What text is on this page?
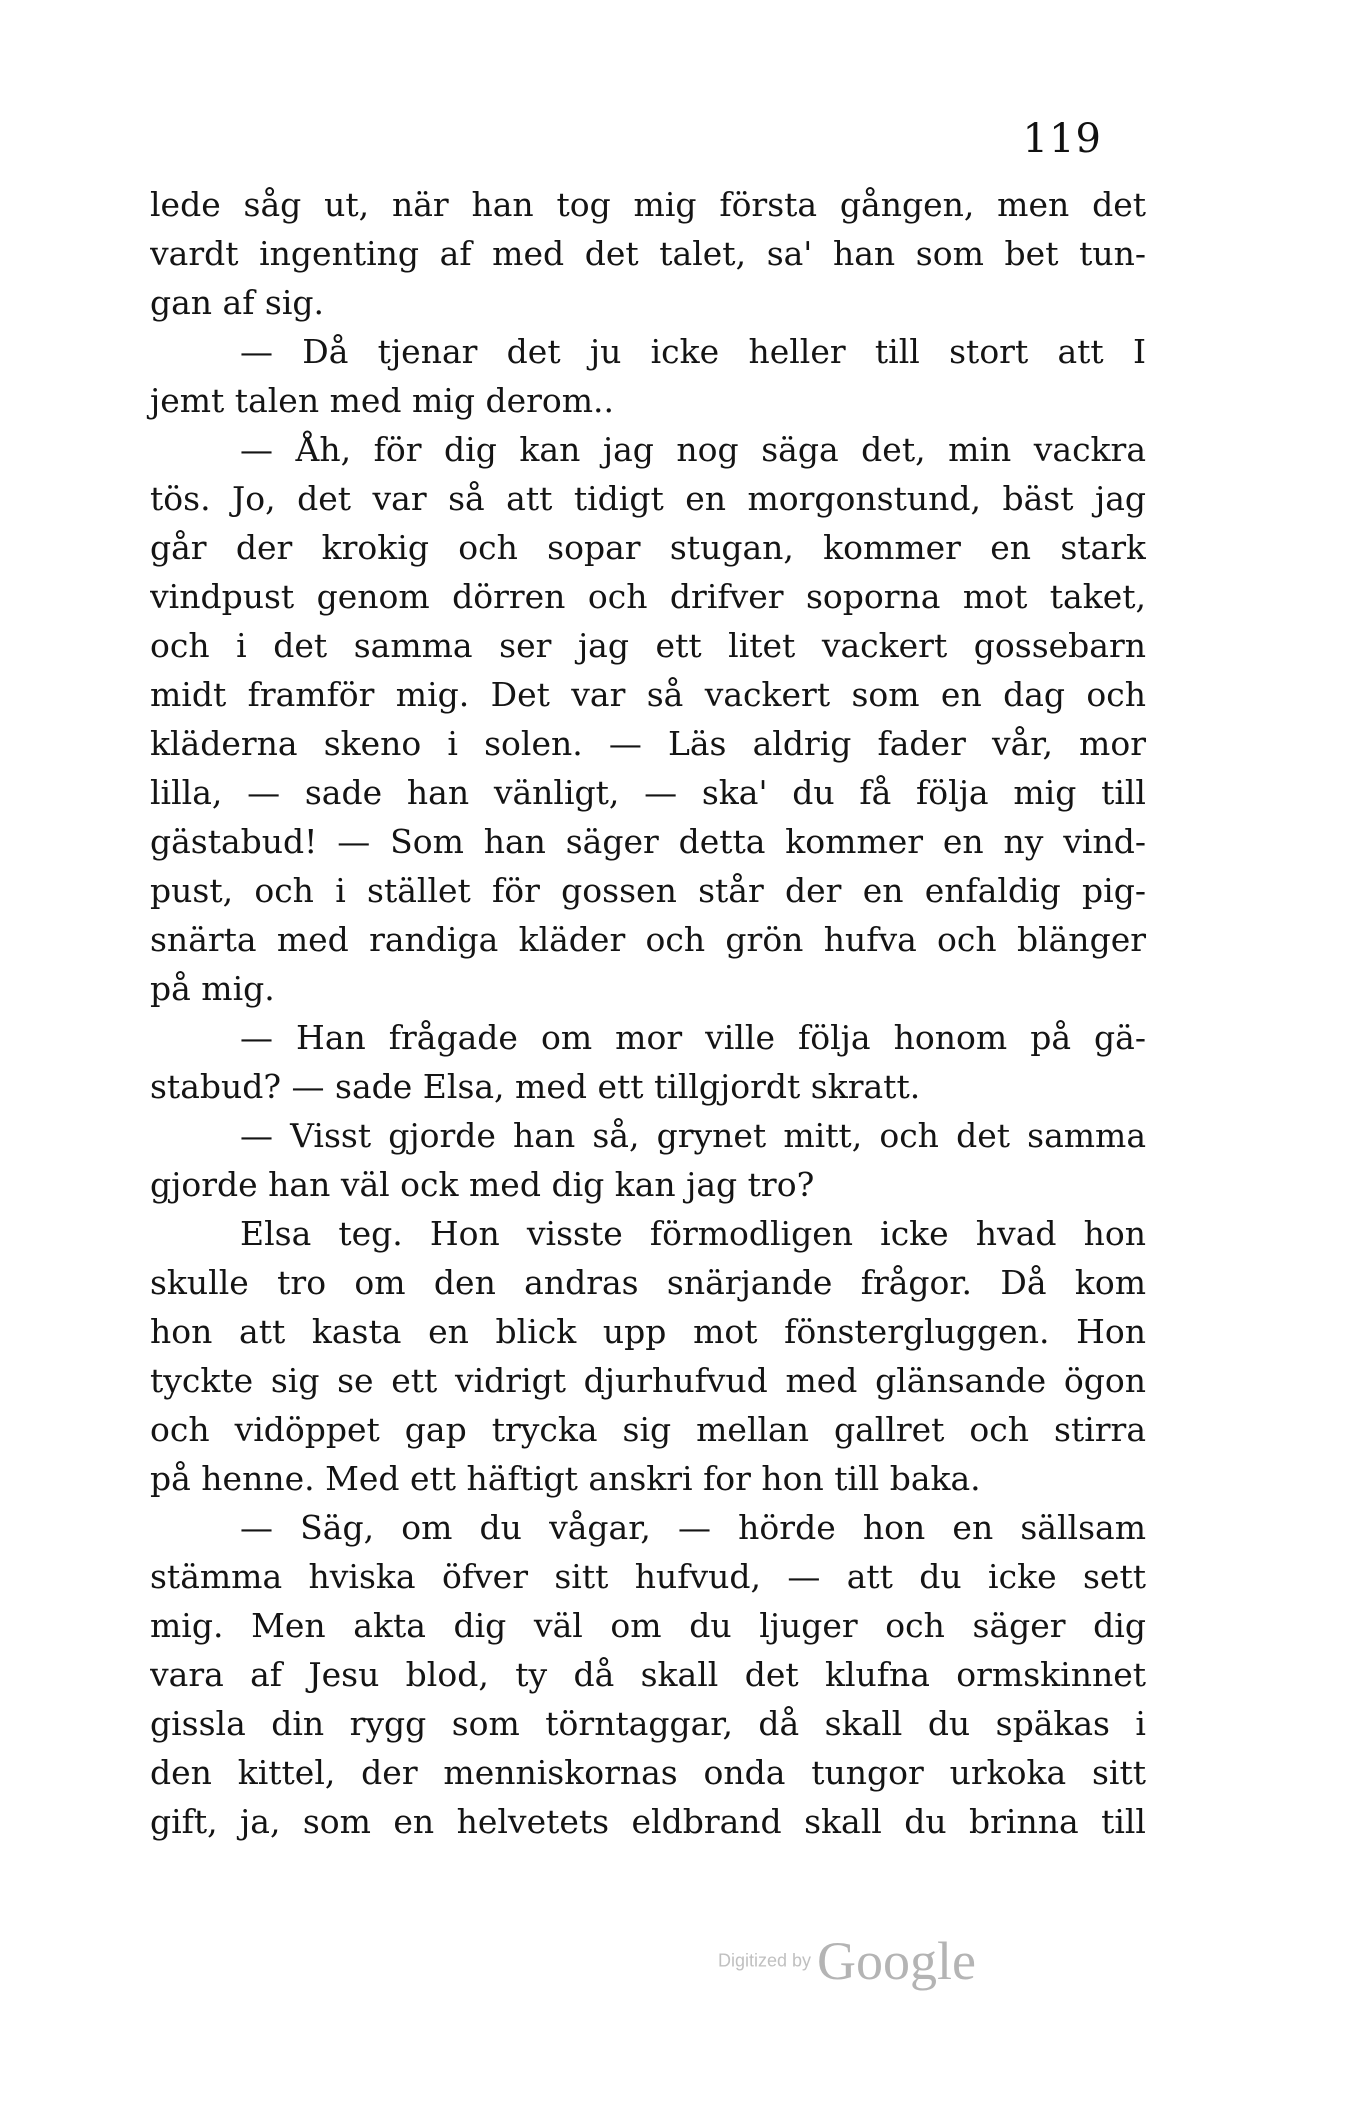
119
lede såg ut, när han tog mig första gången, men det
vardt ingenting af med det talet, sa' han som bet tun-
gan af sig.
— Då tjenar det ju icke heller till stort att I
jemt talen med mig derom..
— Åh, för dig kan jag nog säga det, min vackra
tös. Jo, det var så att tidigt en morgonstund, bäst jag
går der krokig och sopar stugan, kommer en stark
vindpust genom dörren och drifver soporna mot taket,
och i det samma ser jag ett litet vackert gossebarn
midt framför mig. Det var så vackert som en dag och
kläderna skeno i solen. — Läs aldrig fader vår, mor
lilla, — sade han vänligt, — ska' du få följa mig till
gästabud! — Som han säger detta kommer en ny vind-
pust, och i stället för gossen står der en enfaldig pig-
snärta med randiga kläder och grön hufva och blänger
på mig.
— Han frågade om mor ville följa honom på gä-
stabud? — sade Elsa, med ett tillgjordt skratt.
— Visst gjorde han så, grynet mitt, och det samma
gjorde han väl ock med dig kan jag tro?
Elsa teg. Hon visste förmodligen icke hvad hon
skulle tro om den andras snärjande frågor. Då kom
hon att kasta en blick upp mot fönstergluggen. Hon
tyckte sig se ett vidrigt djurhufvud med glänsande ögon
och vidöppet gap trycka sig mellan gallret och stirra
på henne. Med ett häftigt anskri for hon till baka.
— Säg, om du vågar, — hörde hon en sällsam
stämma hviska öfver sitt hufvud, — att du icke sett
mig. Men akta dig väl om du ljuger och säger dig
vara af Jesu blod, ty då skall det klufna ormskinnet
gissla din rygg som törntaggar, då skall du späkas i
den kittel, der menniskornas onda tungor urkoka sitt
gift, ja, som en helvetets eldbrand skall du brinna till
Digitized by Google
